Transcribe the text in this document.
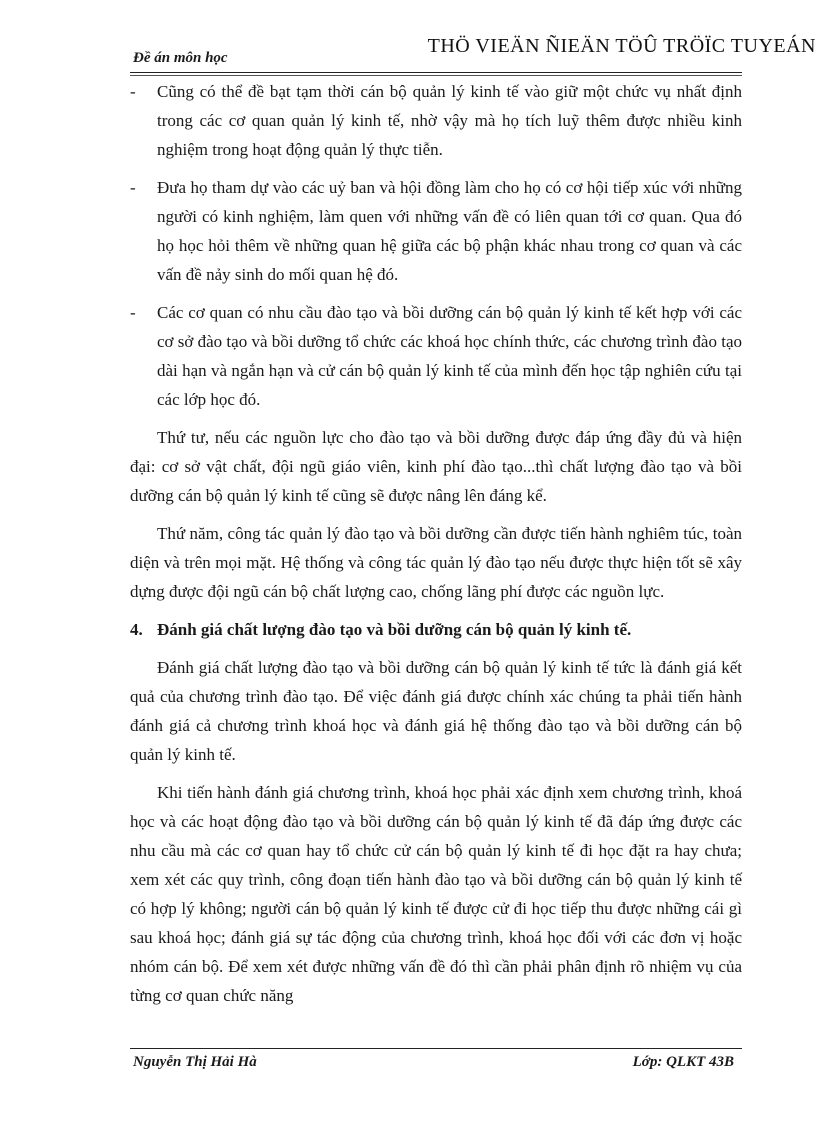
THÖ VIEÄN ÑIEÄN TÖÛ TRÖÏC TUYEÁN
Đề án môn học
-	Cũng có thể đề bạt tạm thời cán bộ quản lý kinh tế vào giữ một chức vụ nhất định trong các cơ quan quản lý kinh tế, nhờ vậy mà họ tích luỹ thêm được nhiều kinh nghiệm trong hoạt động quản lý thực tiễn.
-	Đưa họ tham dự vào các uỷ ban và hội đồng làm cho họ có cơ hội tiếp xúc với những người có kinh nghiệm, làm quen với những vấn đề có liên quan tới cơ quan. Qua đó họ học hỏi thêm về những quan hệ giữa các bộ phận khác nhau trong cơ quan và các vấn đề nảy sinh do mối quan hệ đó.
-	Các cơ quan có nhu cầu đào tạo và bồi dưỡng cán bộ quản lý kinh tế kết hợp với các cơ sở đào tạo và bồi dưỡng tổ chức các khoá học chính thức, các chương trình đào tạo dài hạn và ngắn hạn và cử cán bộ quản lý kinh tế của mình đến học tập nghiên cứu tại các lớp học đó.

Thứ tư, nếu các nguồn lực cho đào tạo và bồi dưỡng được đáp ứng đầy đủ và hiện đại: cơ sở vật chất, đội ngũ giáo viên, kinh phí đào tạo...thì chất lượng đào tạo và bồi dưỡng cán bộ quản lý kinh tế cũng sẽ được nâng lên đáng kể.

Thứ năm, công tác quản lý đào tạo và bồi dưỡng cần được tiến hành nghiêm túc, toàn diện và trên mọi mặt. Hệ thống và công tác quản lý đào tạo nếu được thực hiện tốt sẽ xây dựng được đội ngũ cán bộ chất lượng cao, chống lãng phí được các nguồn lực.

4. Đánh giá chất lượng đào tạo và bồi dưỡng cán bộ quản lý kinh tế.

Đánh giá chất lượng đào tạo và bồi dưỡng cán bộ quản lý kinh tế tức là đánh giá kết quả của chương trình đào tạo. Để việc đánh giá được chính xác chúng ta phải tiến hành đánh giá cả chương trình khoá học và đánh giá hệ thống đào tạo và bồi dưỡng cán bộ quản lý kinh tế.

Khi tiến hành đánh giá chương trình, khoá học phải xác định xem chương trình, khoá học và các hoạt động đào tạo và bồi dưỡng cán bộ quản lý kinh tế đã đáp ứng được các nhu cầu mà các cơ quan hay tổ chức cử cán bộ quản lý kinh tế đi học đặt ra hay chưa; xem xét các quy trình, công đoạn tiến hành đào tạo và bồi dưỡng cán bộ quản lý kinh tế có hợp lý không; người cán bộ quản lý kinh tế được cử đi học tiếp thu được những cái gì sau khoá học; đánh giá sự tác động của chương trình, khoá học đối với các đơn vị hoặc nhóm cán bộ. Để xem xét được những vấn đề đó thì cần phải phân định rõ nhiệm vụ của từng cơ quan chức năng

Nguyễn Thị Hải Hà	Lớp: QLKT 43B
